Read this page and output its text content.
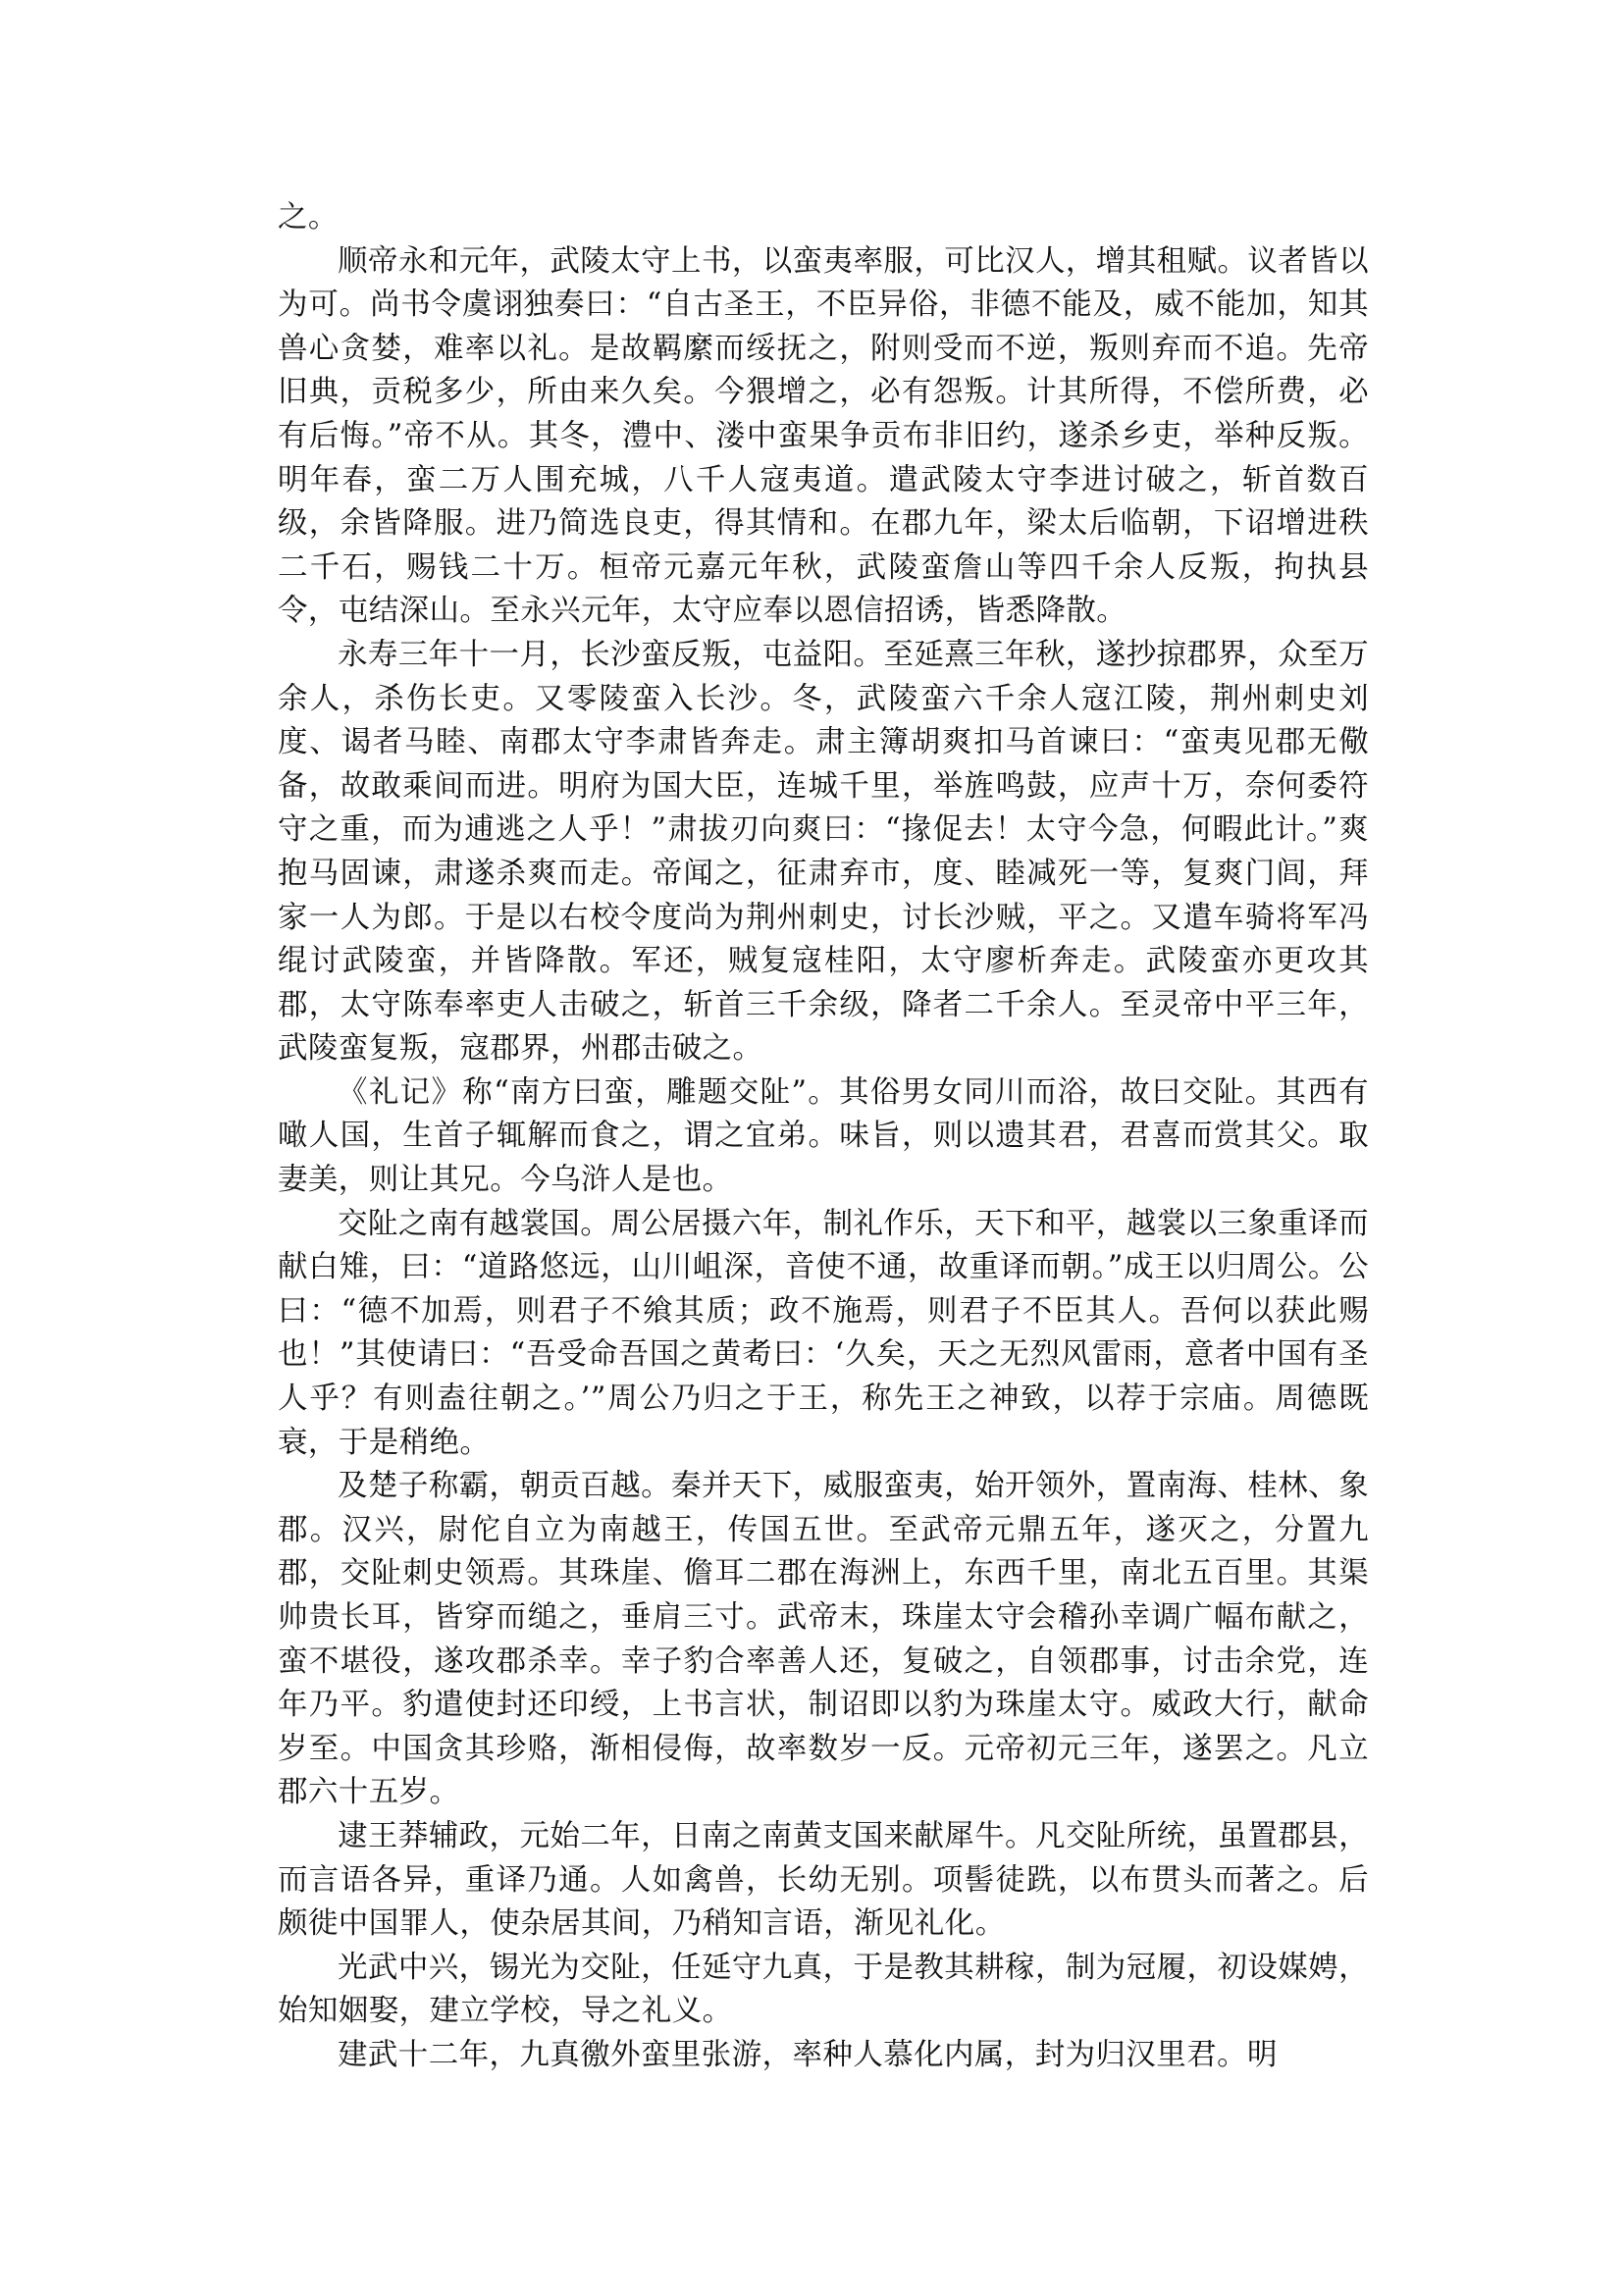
之。

顺帝永和元年，武陵太守上书，以蛮夷率服，可比汉人，增其租赋。议者皆以为可。尚书令虞诩独奏曰：“自古圣王，不臣异俗，非德不能及，威不能加，知其兽心贪婪，难率以礼。是故羁縻而绥抚之，附则受而不逆，叛则弃而不追。先帝旧典，贡税多少，所由来久矣。今猥增之，必有怨叛。计其所得，不偿所费，必有后悔。”帝不从。其冬，澧中、溇中蛮果争贡布非旧约，遂杀乡吏，举种反叛。明年春，蛮二万人围充城，八千人寇夷道。遣武陵太守李进讨破之，斩首数百级，余皆降服。进乃简选良吏，得其情和。在郡九年，梁太后临朝，下诏增进秩二千石，赐钱二十万。桓帝元嘉元年秋，武陵蛮詹山等四千余人反叛，拘执县令，屯结深山。至永兴元年，太守应奉以恩信招诱，皆悉降散。

永寿三年十一月，长沙蛮反叛，屯益阳。至延熹三年秋，遂抄掠郡界，众至万余人，杀伤长吏。又零陵蛮入长沙。冬，武陵蛮六千余人寇江陵，荆州刺史刘度、谒者马睦、南郡太守李肃皆奔走。肃主簿胡爽扣马首谏曰：“蛮夷见郡无儆备，故敢乘间而进。明府为国大臣，连城千里，举旌鸣鼓，应声十万，奈何委符守之重，而为逋逃之人乎！”肃拔刃向爽曰：“掾促去！太守今急，何暇此计。”爽抱马固谏，肃遂杀爽而走。帝闻之，征肃弃市，度、睦减死一等，复爽门闾，拜家一人为郎。于是以右校令度尚为荆州刺史，讨长沙贼，平之。又遣车骑将军冯绲讨武陵蛮，并皆降散。军还，贼复寇桂阳，太守廖析奔走。武陵蛮亦更攻其郡，太守陈奉率吏人击破之，斩首三千余级，降者二千余人。至灵帝中平三年，武陵蛮复叛，寇郡界，州郡击破之。

《礼记》称“南方曰蛮，雕题交阯”。其俗男女同川而浴，故曰交阯。其西有噉人国，生首子辄解而食之，谓之宜弟。味旨，则以遗其君，君喜而赏其父。取妻美，则让其兄。今乌浒人是也。

交阯之南有越裳国。周公居摄六年，制礼作乐，天下和平，越裳以三象重译而献白雉，曰：“道路悠远，山川岨深，音使不通，故重译而朝。”成王以归周公。公曰：“德不加焉，则君子不飨其质；政不施焉，则君子不臣其人。吾何以获此赐也！”其使请曰：“吾受命吾国之黄耇曰：‘久矣，天之无烈风雷雨，意者中国有圣人乎？有则盍往朝之。’”周公乃归之于王，称先王之神致，以荐于宗庙。周德既衰，于是稍绝。

及楚子称霸，朝贡百越。秦并天下，威服蛮夷，始开领外，置南海、桂林、象郡。汉兴，尉佗自立为南越王，传国五世。至武帝元鼎五年，遂灭之，分置九郡，交阯刺史领焉。其珠崖、儋耳二郡在海洲上，东西千里，南北五百里。其渠帅贵长耳，皆穿而缒之，垂肩三寸。武帝末，珠崖太守会稽孙幸调广幅布献之，蛮不堪役，遂攻郡杀幸。幸子豹合率善人还，复破之，自领郡事，讨击余党，连年乃平。豹遣使封还印绶，上书言状，制诏即以豹为珠崖太守。威政大行，献命岁至。中国贪其珍赂，渐相侵侮，故率数岁一反。元帝初元三年，遂罢之。凡立郡六十五岁。

逮王莽辅政，元始二年，日南之南黄支国来献犀牛。凡交阯所统，虽置郡县，而言语各异，重译乃通。人如禽兽，长幼无别。项髻徒跣，以布贯头而著之。后颇徙中国罪人，使杂居其间，乃稍知言语，渐见礼化。

光武中兴，锡光为交阯，任延守九真，于是教其耕稼，制为冠履，初设媒娉，始知姻娶，建立学校，导之礼义。

建武十二年，九真徼外蛮里张游，率种人慕化内属，封为归汉里君。明
